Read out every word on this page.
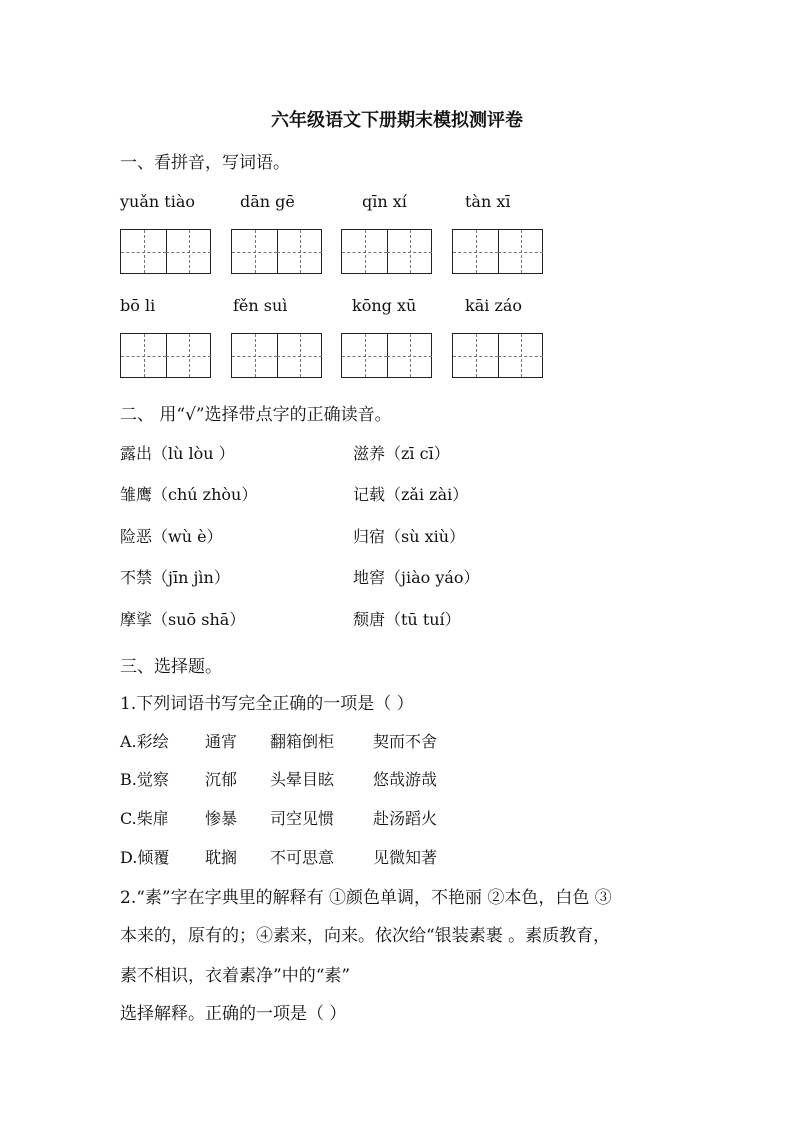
六年级语文下册期末模拟测评卷
一、看拼音，写词语。
yuǎn tiào	dān gē	qīn xí	tàn xī
bō li	fěn suì	kōng xū	kāi záo
二、 用“√”选择带点字的正确读音。
露出（lù lòu ）	滋养（zī cī）
雏鹰（chú zhòu）	记载（zǎi zài）
险恶（wù è）	归宿（sù xiù）
不禁（jīn jìn）	地窖（jiào yáo）
摩挲（suō shā）	颓唐（tū tuí）
三、选择题。
1.下列词语书写完全正确的一项是（ ）
A.彩绘 通宵 翻箱倒柜 契而不舍
B.觉察 沉郁 头晕目眩 悠哉游哉
C.柴扉 惨暴 司空见惯 赴汤蹈火
D.倾覆 耽搁 不可思意 见微知著
2.“素”字在字典里的解释有 ①颜色单调，不艳丽 ②本色，白色 ③
本来的，原有的；④素来，向来。依次给“银装素裹 。素质教育，
素不相识，衣着素净”中的“素”
选择解释。正确的一项是（ ）
